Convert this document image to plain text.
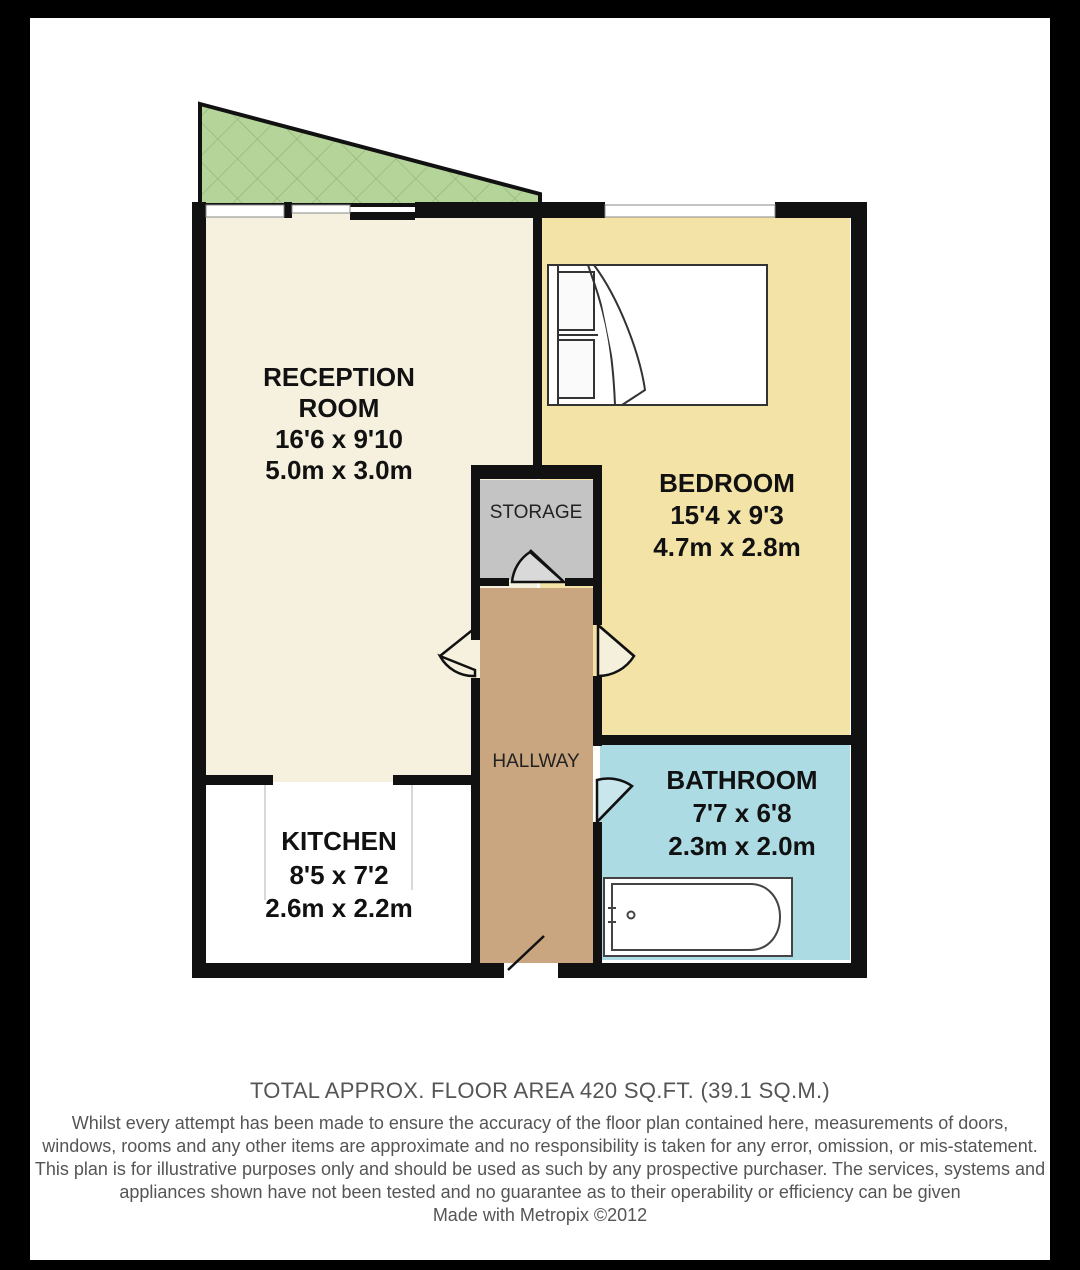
RECEPTION
ROOM
16'6 x 9'10
5.0m x 3.0m	BEDROOM
15'4 x 9'3
4.7m x 2.8m
KITCHEN
8'5 x 7'2
2.6m x 2.2m
BATHROOM
7'7 x 6'8
2.3m x 2.0m
STORAGE
HALLWAY
TOTAL APPROX. FLOOR AREA 420 SQ.FT. (39.1 SQ.M.)
Whilst every attempt has been made to ensure the accuracy of the floor plan contained here, measurements of doors, windows, rooms and any other items are approximate and no responsibility is taken for any error, omission, or mis-statement. This plan is for illustrative purposes only and should be used as such by any prospective purchaser. The services, systems and appliances shown have not been tested and no guarantee as to their operability or efficiency can be given
Made with Metropix ©2012
